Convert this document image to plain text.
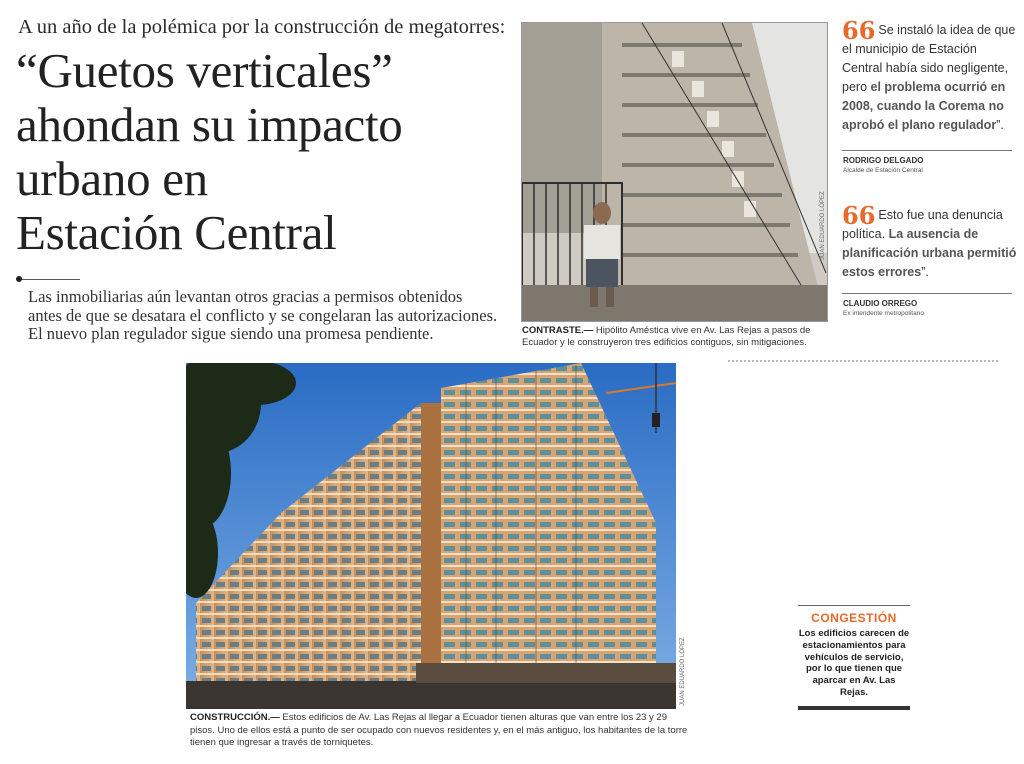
A un año de la polémica por la construcción de megatorres:
“Guetos verticales”
ahondan su impacto
urbano en
Estación Central
Las inmobiliarias aún levantan otros gracias a permisos obtenidos
antes de que se desatara el conflicto y se congelaran las autorizaciones.
El nuevo plan regulador sigue siendo una promesa pendiente.
JUAN EDUARDO LÓPEZ
CONTRASTE.— Hipólito Améstica vive en Av. Las Rejas a pasos de Ecuador y le construyeron tres edificios contiguos, sin mitigaciones.
66 Se instaló la idea de que el municipio de Estación Central había sido negligente, pero el problema ocurrió en 2008, cuando la Corema no aprobó el plano regulador”.
RODRIGO DELGADO
Alcalde de Estación Central
66 Esto fue una denuncia política. La ausencia de planificación urbana permitió estos errores”.
CLAUDIO ORREGO
Ex intendente metropolitano
JUAN EDUARDO LÓPEZ
CONSTRUCCIÓN.— Estos edificios de Av. Las Rejas al llegar a Ecuador tienen alturas que van entre los 23 y 29 pisos. Uno de ellos está a punto de ser ocupado con nuevos residentes y, en el más antiguo, los habitantes de la torre tienen que ingresar a través de torniquetes.
CONGESTIÓN
Los edificios carecen de estacionamientos para vehículos de servicio, por lo que tienen que aparcar en Av. Las Rejas.
